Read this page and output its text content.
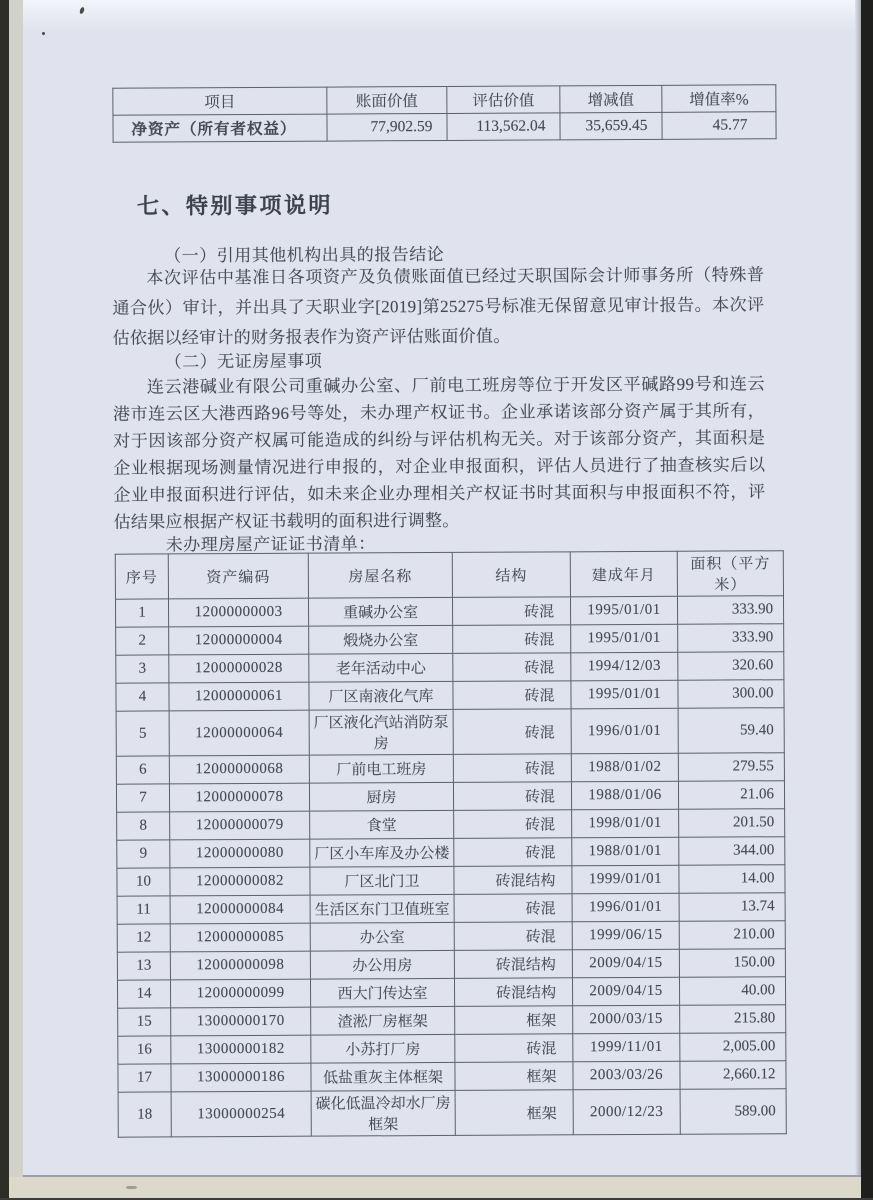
项目	账面价值	评估价值	增减值	增值率%
净资产（所有者权益）	77,902.59	113,562.04	35,659.45	45.77
七、特别事项说明

（一）引用其他机构出具的报告结论

本次评估中基准日各项资产及负债账面值已经过天职国际会计师事务所（特殊普通合伙）审计，并出具了天职业字[2019]第25275号标准无保留意见审计报告。本次评估依据以经审计的财务报表作为资产评估账面价值。

（二）无证房屋事项

连云港碱业有限公司重碱办公室、厂前电工班房等位于开发区平碱路99号和连云港市连云区大港西路96号等处，未办理产权证书。企业承诺该部分资产属于其所有，对于因该部分资产权属可能造成的纠纷与评估机构无关。对于该部分资产，其面积是企业根据现场测量情况进行申报的，对企业申报面积，评估人员进行了抽查核实后以企业申报面积进行评估，如未来企业办理相关产权证书时其面积与申报面积不符，评估结果应根据产权证书载明的面积进行调整。

未办理房屋产证证书清单：

序号	资产编码	房屋名称	结构	建成年月	面积（平方米）
1	12000000003	重碱办公室	砖混	1995/01/01	333.90
2	12000000004	煅烧办公室	砖混	1995/01/01	333.90
3	12000000028	老年活动中心	砖混	1994/12/03	320.60
4	12000000061	厂区南液化气库	砖混	1995/01/01	300.00
5	12000000064	厂区液化汽站消防泵房	砖混	1996/01/01	59.40
6	12000000068	厂前电工班房	砖混	1988/01/02	279.55
7	12000000078	厨房	砖混	1988/01/06	21.06
8	12000000079	食堂	砖混	1998/01/01	201.50
9	12000000080	厂区小车库及办公楼	砖混	1988/01/01	344.00
10	12000000082	厂区北门卫	砖混结构	1999/01/01	14.00
11	12000000084	生活区东门卫值班室	砖混	1996/01/01	13.74
12	12000000085	办公室	砖混	1999/06/15	210.00
13	12000000098	办公用房	砖混结构	2009/04/15	150.00
14	12000000099	西大门传达室	砖混结构	2009/04/15	40.00
15	13000000170	渣淞厂房框架	框架	2000/03/15	215.80
16	13000000182	小苏打厂房	砖混	1999/11/01	2,005.00
17	13000000186	低盐重灰主体框架	框架	2003/03/26	2,660.12
18	13000000254	碳化低温冷却水厂房框架	框架	2000/12/23	589.00
